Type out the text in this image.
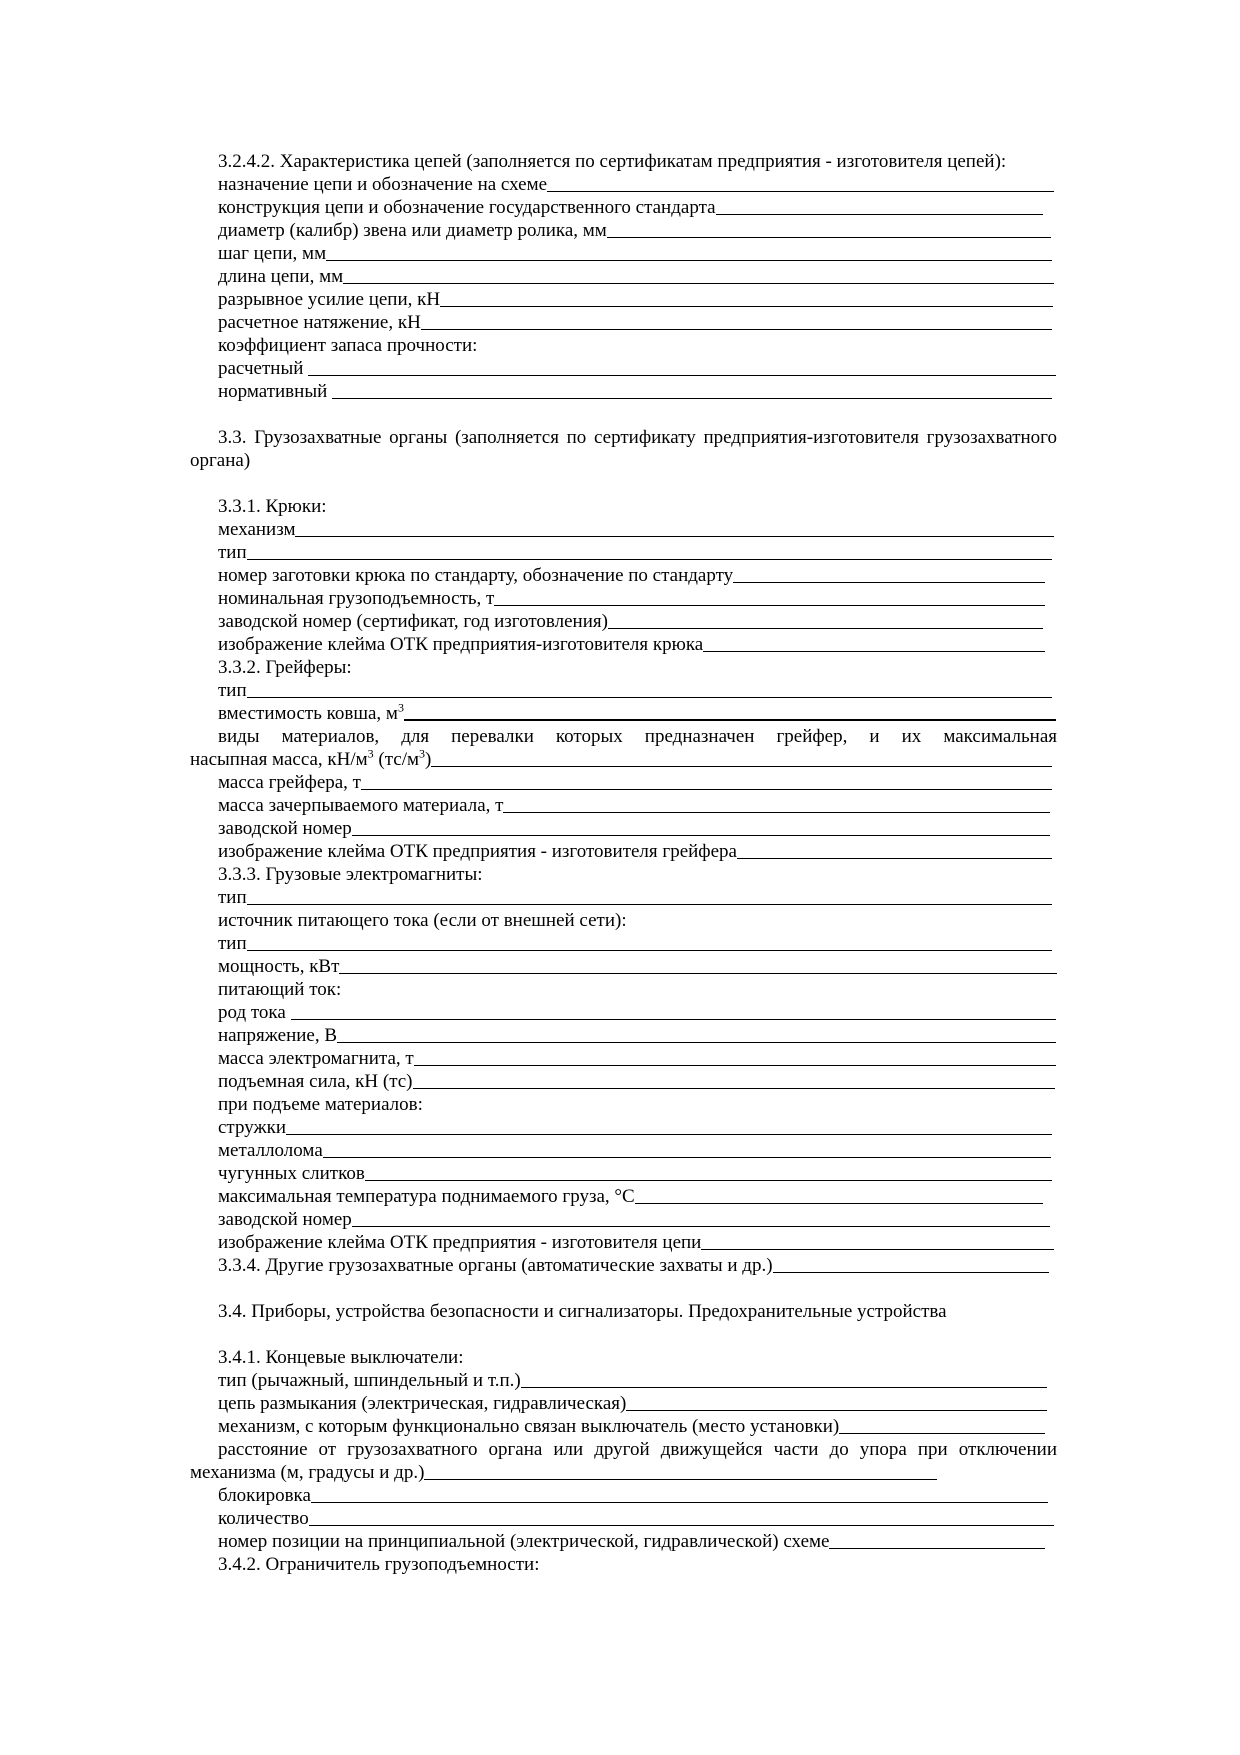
3.2.4.2. Характеристика цепей (заполняется по сертификатам предприятия - изготовителя цепей):

назначение цепи и обозначение на схеме
конструкция цепи и обозначение государственного стандарта
диаметр (калибр) звена или диаметр ролика, мм
шаг цепи, мм
длина цепи, мм
разрывное усилие цепи, кН
расчетное натяжение, кН
коэффициент запаса прочности:
расчетный
нормативный

3.3. Грузозахватные органы (заполняется по сертификату предприятия-изготовителя грузозахватного органа)

3.3.1. Крюки:
механизм
тип
номер заготовки крюка по стандарту, обозначение по стандарту
номинальная грузоподъемность, т
заводской номер (сертификат, год изготовления)
изображение клейма ОТК предприятия-изготовителя крюка
3.3.2. Грейферы:
тип
вместимость ковша, $м^3$

виды материалов, для перевалки которых предназначен грейфер, и их максимальная

насыпная масса, $кН/м^3$ $(тс/м^3)$
масса грейфера, т
масса зачерпываемого материала, т
заводской номер
изображение клейма ОТК предприятия - изготовителя грейфера
3.3.3. Грузовые электромагниты:
тип
источник питающего тока (если от внешней сети):
тип
мощность, кВт
питающий ток:
род тока
напряжение, В
масса электромагнита, т
подъемная сила, кН (тс)
при подъеме материалов:
стружки
металлолома
чугунных слитков
максимальная температура поднимаемого груза, °С
заводской номер
изображение клейма ОТК предприятия - изготовителя цепи
3.3.4. Другие грузозахватные органы (автоматические захваты и др.)
3.4. Приборы, устройства безопасности и сигнализаторы. Предохранительные устройства
3.4.1. Концевые выключатели:
тип (рычажный, шпиндельный и т.п.)
цепь размыкания (электрическая, гидравлическая)
механизм, с которым функционально связан выключатель (место установки)

расстояние от грузозахватного органа или другой движущейся части до упора при отключении

механизма (м, градусы и др.)
блокировка
количество
номер позиции на принципиальной (электрической, гидравлической) схеме
3.4.2. Ограничитель грузоподъемности:
